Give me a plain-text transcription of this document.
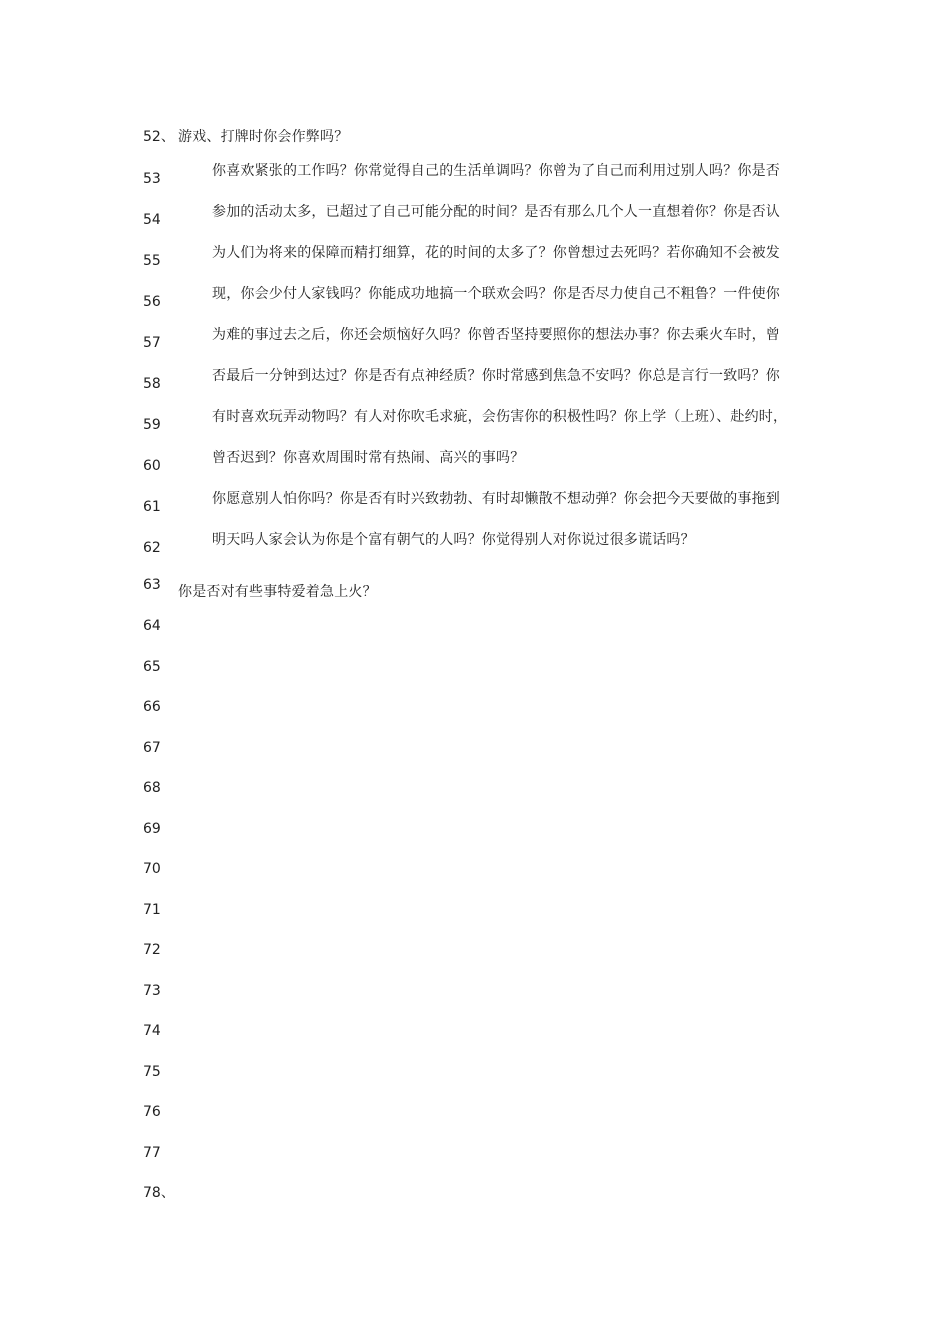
52、 游戏、打牌时你会作弊吗？
53	你喜欢紧张的工作吗？你常觉得自己的生活单调吗？你曾为了自己而利用过别人吗？你是否
54	参加的活动太多，已超过了自己可能分配的时间？是否有那么几个人一直想着你？你是否认
55	为人们为将来的保障而精打细算，花的时间的太多了？你曾想过去死吗？若你确知不会被发
56	现，你会少付人家钱吗？你能成功地搞一个联欢会吗？你是否尽力使自己不粗鲁？一件使你
57	为难的事过去之后，你还会烦恼好久吗？你曾否坚持要照你的想法办事？你去乘火车时，曾
58	否最后一分钟到达过？你是否有点神经质？你时常感到焦急不安吗？你总是言行一致吗？你
59	有时喜欢玩弄动物吗？有人对你吹毛求疵，会伤害你的积极性吗？你上学（上班）、赴约时，
60	曾否迟到？你喜欢周围时常有热闹、高兴的事吗？
61	你愿意别人怕你吗？你是否有时兴致勃勃、有时却懒散不想动弹？你会把今天要做的事拖到
62	明天吗人家会认为你是个富有朝气的人吗？你觉得别人对你说过很多谎话吗？
63 你是否对有些事特爱着急上火？
64
65
66
67
68
69
70
71
72
73
74
75
76
77
78、
